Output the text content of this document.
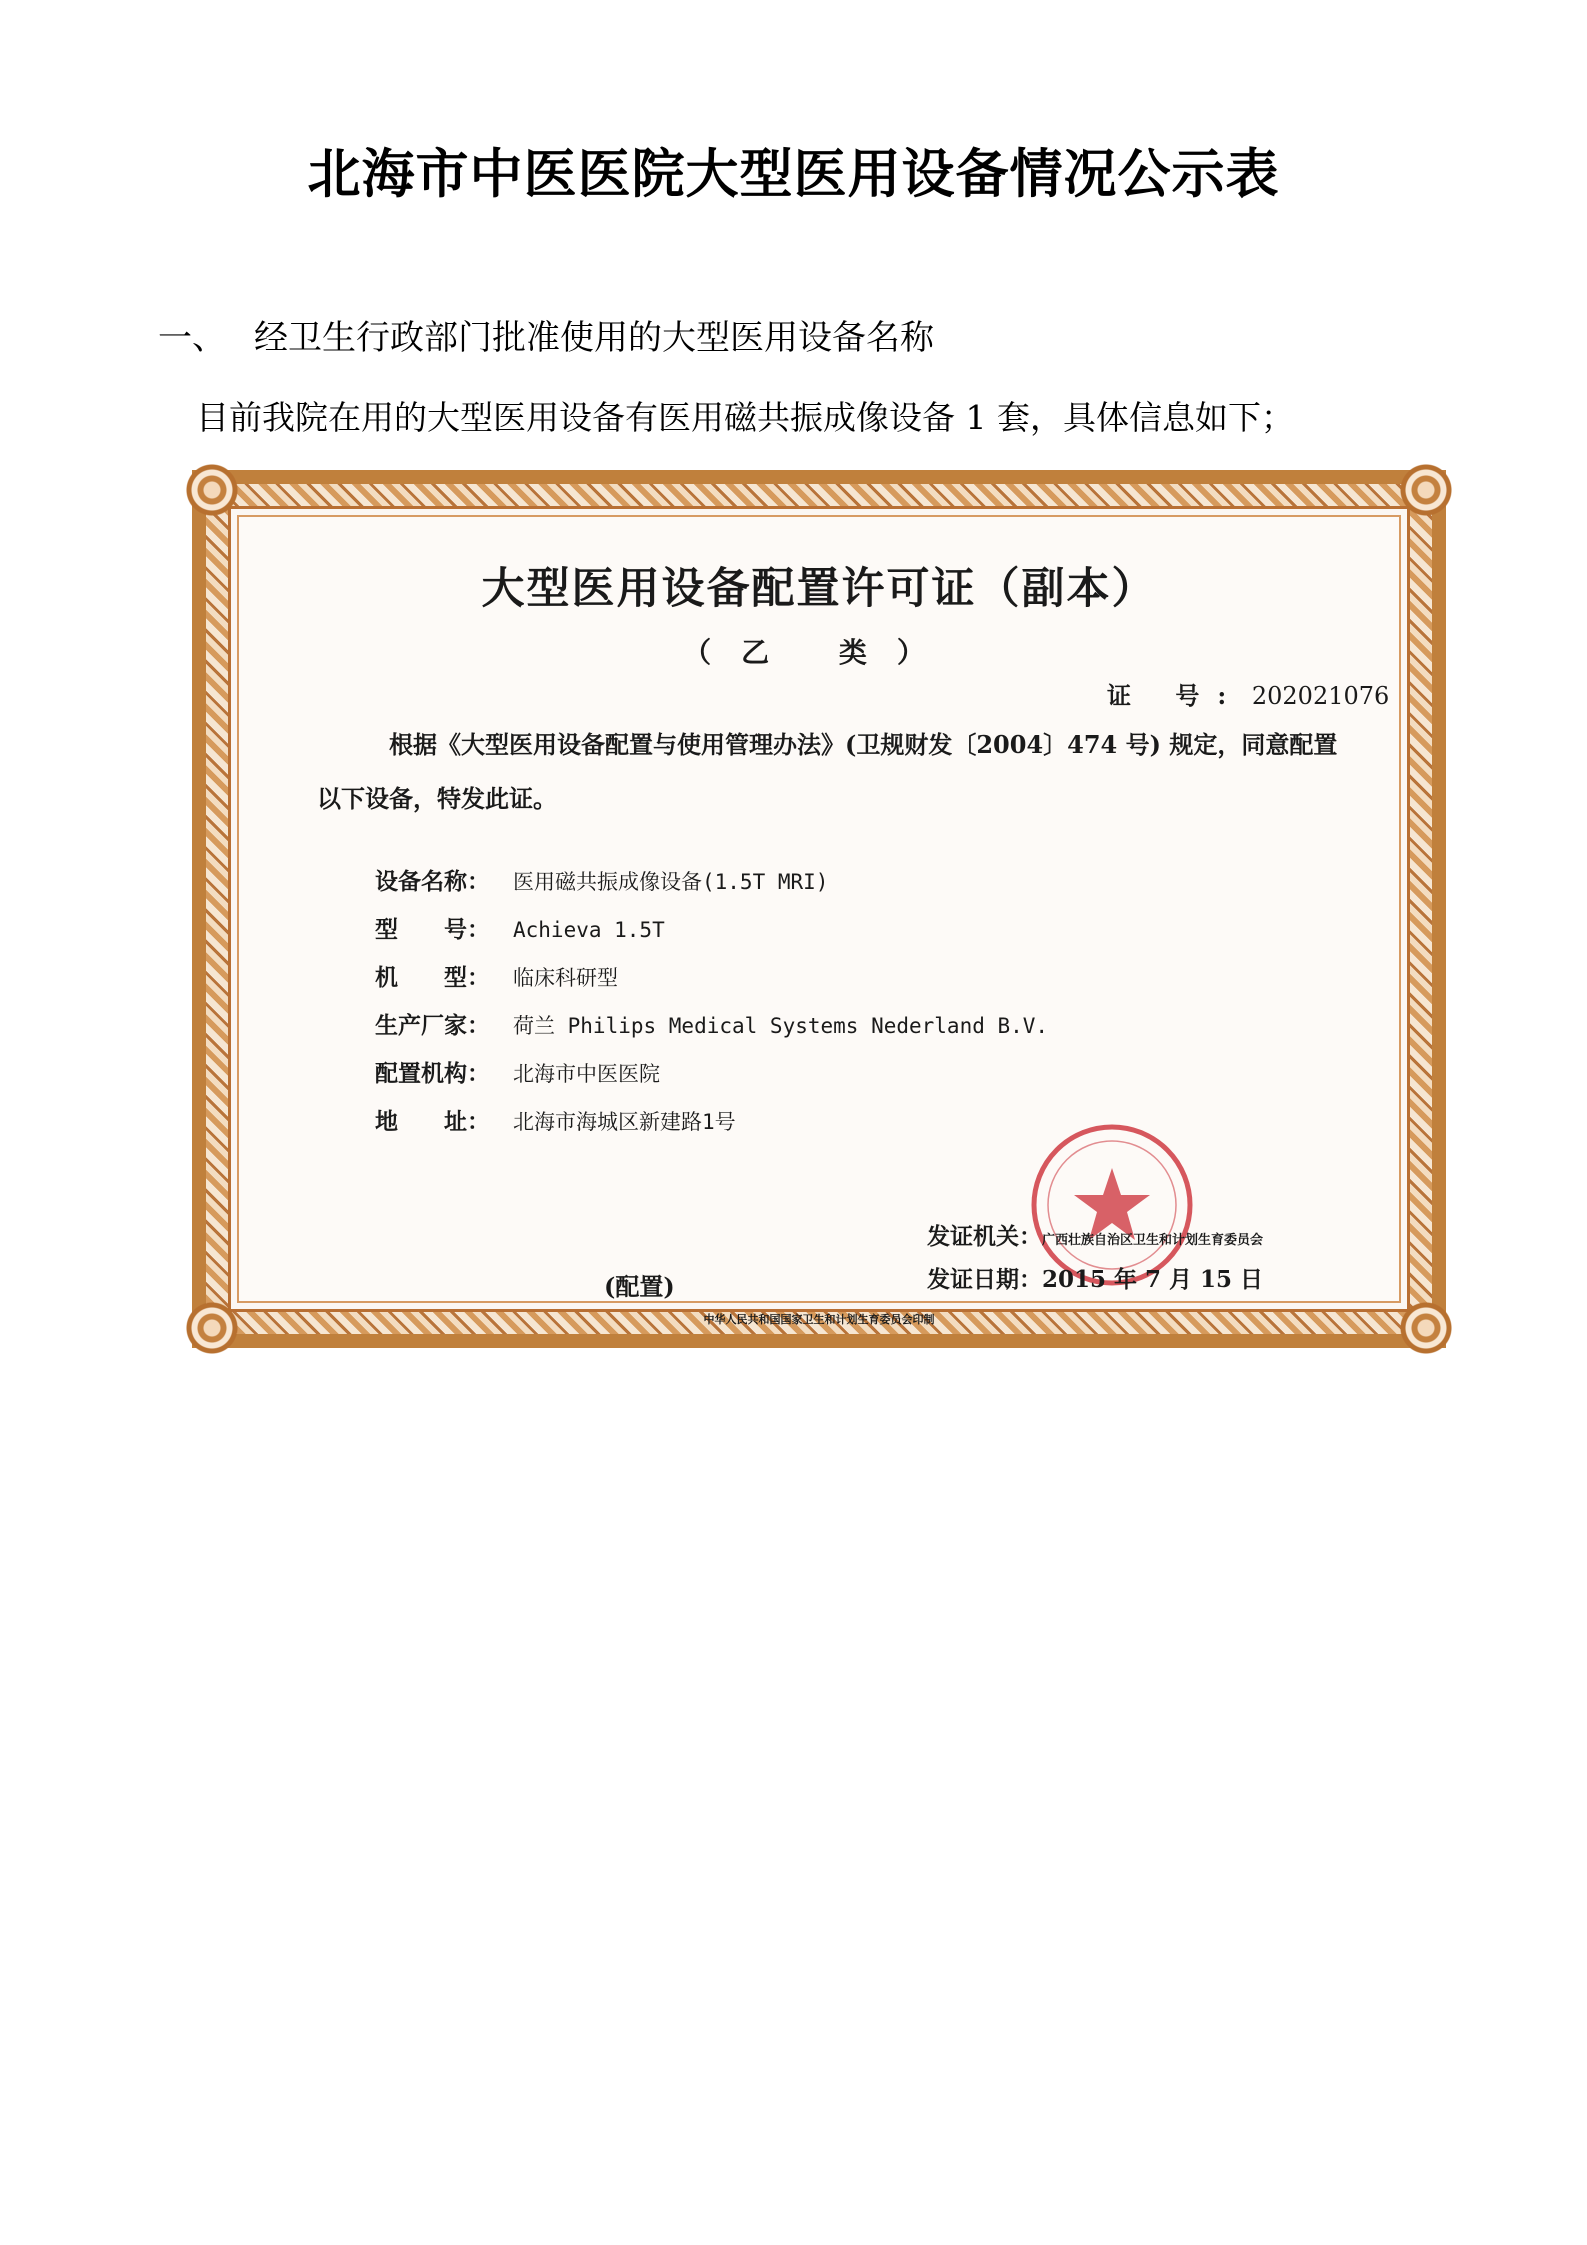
北海市中医医院大型医用设备情况公示表

一、 经卫生行政部门批准使用的大型医用设备名称

目前我院在用的大型医用设备有医用磁共振成像设备 1 套，具体信息如下；

大型医用设备配置许可证（副本）
（乙 类）
证 号: 202021076
根据《大型医用设备配置与使用管理办法》(卫规财发〔2004〕474 号) 规定，同意配置
以下设备，特发此证。
设备名称： 医用磁共振成像设备(1.5T MRI)
型　　号： Achieva 1.5T
机　　型： 临床科研型
生产厂家： 荷兰 Philips Medical Systems Nederland B.V.
配置机构： 北海市中医医院
地　　址： 北海市海城区新建路1号
发证机关：广西壮族自治区卫生和计划生育委员会
发证日期：2015 年 7 月 15 日
(配置)
中华人民共和国国家卫生和计划生育委员会印制
